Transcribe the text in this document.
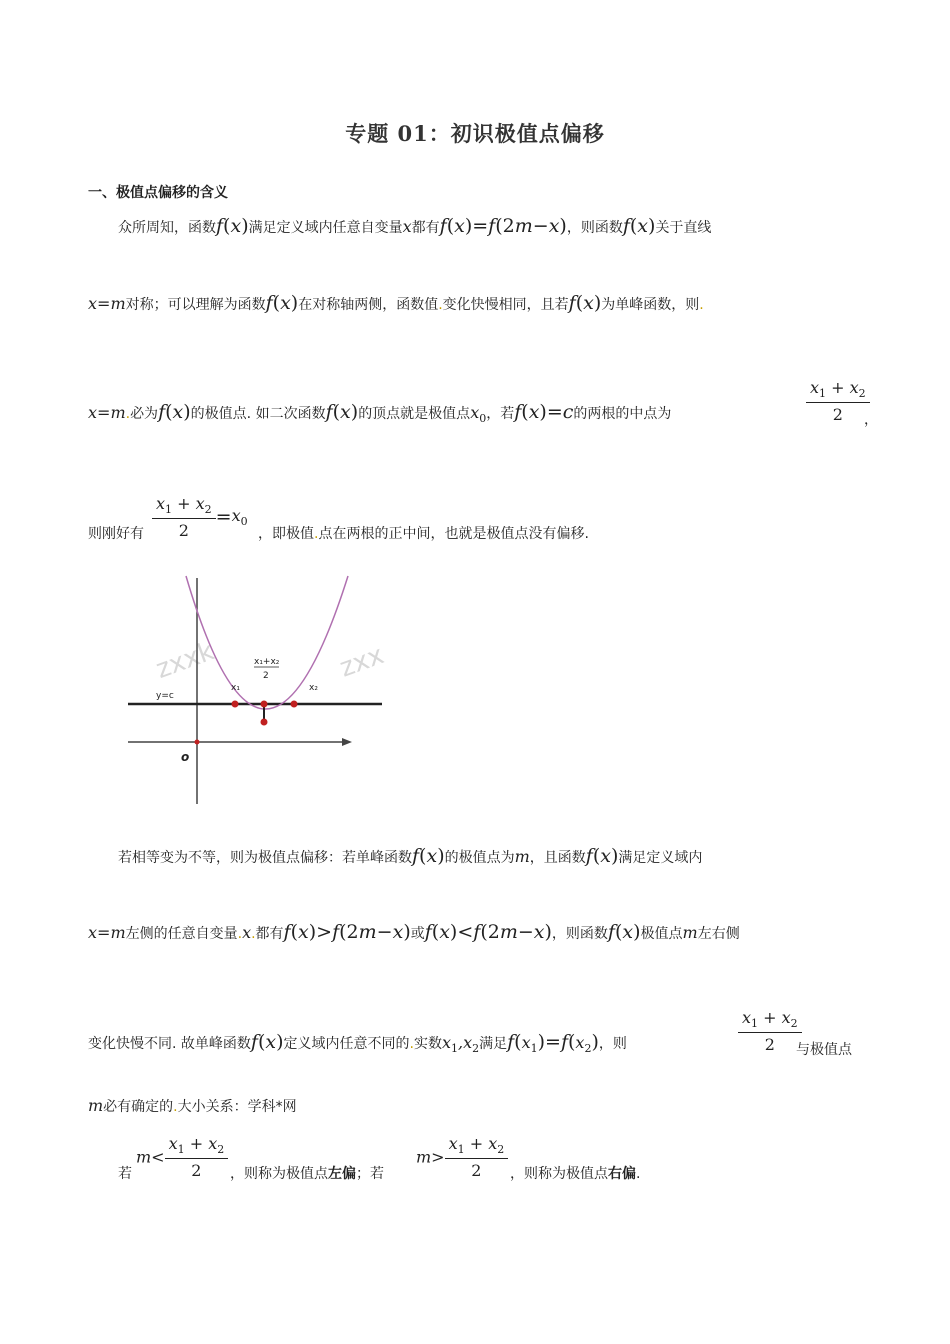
专题 01：初识极值点偏移
一、极值点偏移的含义
众所周知，函数f(x)满足定义域内任意自变量x都有f(x)=f(2m−x)，则函数f(x)关于直线
x=m对称；可以理解为函数f(x)在对称轴两侧，函数值.变化快慢相同，且若f(x)为单峰函数，则.
x=m.必为f(x)的极值点. 如二次函数f(x)的顶点就是极值点$x_0$，若f(x)=c的两根的中点为	$\frac{x_1 + x_2}{2}$
，
则刚好有 $\frac{x_1 + x_2}{2} =x_0$
，即极值.点在两根的正中间，也就是极值点没有偏移.
zxxk	zxx
y=c
x₁	x₂
x₁+x₂
2
o
若相等变为不等，则为极值点偏移：若单峰函数f(x)的极值点为m，且函数f(x)满足定义域内
x=m左侧的任意自变量.x.都有f(x)>f(2m−x)或f(x)<f(2m−x)，则函数f(x)极值点m左右侧
变化快慢不同. 故单峰函数f(x)定义域内任意不同的.实数$x_1,x_2$满足$f(x_1)=f(x_2)$，则	$\frac{x_1 + x_2}{2}$
与极值点
m必有确定的.大小关系：学科*网
若
$m< \frac{x_1 + x_2}{2}$ ，则称为极值点左偏；若
$m> \frac{x_1 + x_2}{2}$ ，则称为极值点右偏.
